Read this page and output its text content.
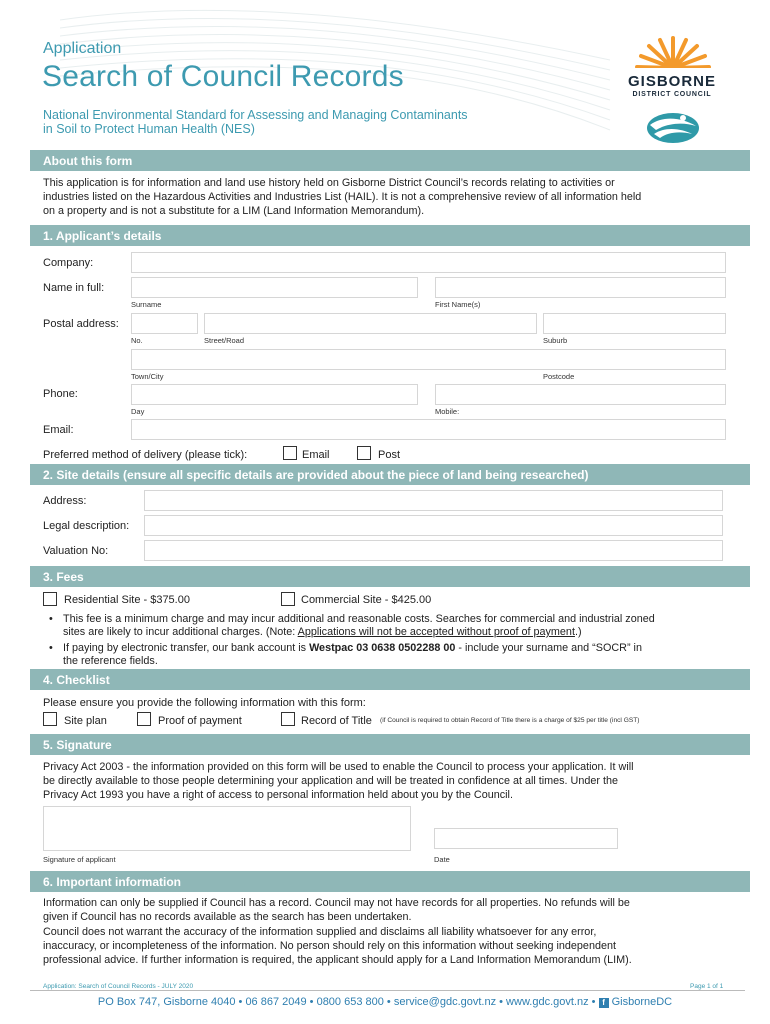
Application
Search of Council Records
National Environmental Standard for Assessing and Managing Contaminants
in Soil to Protect Human Health (NES)
GISBORNE
DISTRICT COUNCIL
About this form
This application is for information and land use history held on Gisborne District Council’s records relating to activities or
industries listed on the Hazardous Activities and Industries List (HAIL). It is not a comprehensive review of all information held
on a property and is not a substitute for a LIM (Land Information Memorandum).
1. Applicant’s details
Company:
Name in full:
Surname	First Name(s)
Postal address:
No.	Street/Road	Suburb
Town/City	Postcode
Phone:
Day	Mobile:
Email:
Preferred method of delivery (please tick):	Email	Post
2. Site details (ensure all specific details are provided about the piece of land being researched)
Address:
Legal description:
Valuation No:
3. Fees
Residential Site - $375.00	Commercial Site - $425.00
• This fee is a minimum charge and may incur additional and reasonable costs. Searches for commercial and industrial zoned
sites are likely to incur additional charges. (Note: Applications will not be accepted without proof of payment.)
• If paying by electronic transfer, our bank account is Westpac 03 0638 0502288 00 - include your surname and “SOCR” in
the reference fields.
4. Checklist
Please ensure you provide the following information with this form:
Site plan	Proof of payment	Record of Title (if Council is required to obtain Record of Title there is a charge of $25 per title (incl GST)
5. Signature
Privacy Act 2003 - the information provided on this form will be used to enable the Council to process your application. It will
be directly available to those people determining your application and will be treated in confidence at all times. Under the
Privacy Act 1993 you have a right of access to personal information held about you by the Council.
Signature of applicant	Date
6. Important information
Information can only be supplied if Council has a record. Council may not have records for all properties. No refunds will be
given if Council has no records available as the search has been undertaken.
Council does not warrant the accuracy of the information supplied and disclaims all liability whatsoever for any error,
inaccuracy, or incompleteness of the information. No person should rely on this information without seeking independent
professional advice. If further information is required, the applicant should apply for a Land Information Memorandum (LIM).
Application: Search of Council Records - JULY 2020	Page 1 of 1
PO Box 747, Gisborne 4040 • 06 867 2049 • 0800 653 800 • service@gdc.govt.nz • www.gdc.govt.nz • f GisborneDC
